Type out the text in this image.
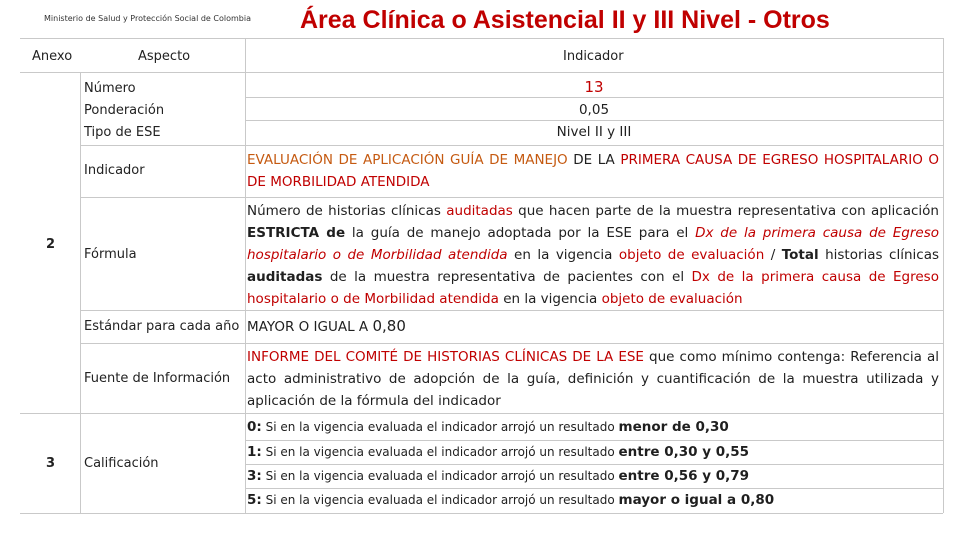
Ministerio de Salud y Protección Social de Colombia Área Clínica o Asistencial II y III Nivel - Otros
Anexo	Aspecto	Indicador
2
3
Número
Ponderación
Tipo de ESE
13
0,05
Nivel II y III
Indicador
EVALUACIÓN DE APLICACIÓN GUÍA DE MANEJO DE LA PRIMERA CAUSA DE EGRESO HOSPITALARIO O DE MORBILIDAD ATENDIDA
Fórmula
Número de historias clínicas auditadas que hacen parte de la muestra representativa con aplicación ESTRICTA de la guía de manejo adoptada por la ESE para el Dx de la primera causa de Egreso hospitalario o de Morbilidad atendida en la vigencia objeto de evaluación / Total historias clínicas auditadas de la muestra representativa de pacientes con el Dx de la primera causa de Egreso hospitalario o de Morbilidad atendida en la vigencia objeto de evaluación
Estándar para cada año MAYOR O IGUAL A 0,80
Fuente de Información
INFORME DEL COMITÉ DE HISTORIAS CLÍNICAS DE LA ESE que como mínimo contenga: Referencia al acto administrativo de adopción de la guía, definición y cuantificación de la muestra utilizada y aplicación de la fórmula del indicador
Calificación
0: Si en la vigencia evaluada el indicador arrojó un resultado menor de 0,30
1: Si en la vigencia evaluada el indicador arrojó un resultado entre 0,30 y 0,55
3: Si en la vigencia evaluada el indicador arrojó un resultado entre 0,56 y 0,79
5: Si en la vigencia evaluada el indicador arrojó un resultado mayor o igual a 0,80
